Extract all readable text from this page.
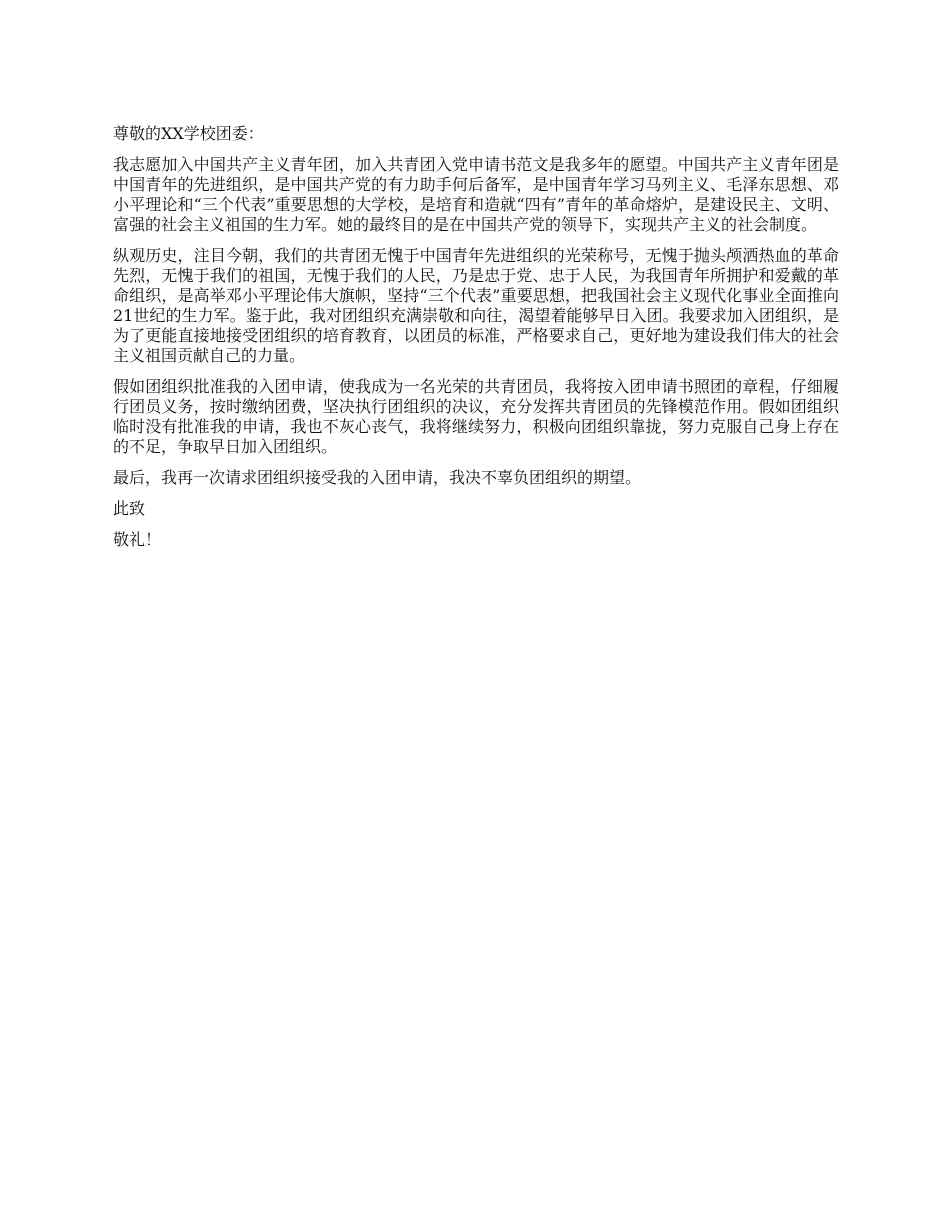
尊敬的XX学校团委：

我志愿加入中国共产主义青年团，加入共青团入党申请书范文是我多年的愿望。中国共产主义青年团是中国青年的先进组织，是中国共产党的有力助手何后备军，是中国青年学习马列主义、毛泽东思想、邓小平理论和“三个代表”重要思想的大学校，是培育和造就“四有”青年的革命熔炉，是建设民主、文明、富强的社会主义祖国的生力军。她的最终目的是在中国共产党的领导下，实现共产主义的社会制度。

纵观历史，注目今朝，我们的共青团无愧于中国青年先进组织的光荣称号，无愧于抛头颅洒热血的革命先烈，无愧于我们的祖国，无愧于我们的人民，乃是忠于党、忠于人民，为我国青年所拥护和爱戴的革命组织，是高举邓小平理论伟大旗帜，坚持“三个代表”重要思想，把我国社会主义现代化事业全面推向21世纪的生力军。鉴于此，我对团组织充满崇敬和向往，渴望着能够早日入团。我要求加入团组织，是为了更能直接地接受团组织的培育教育，以团员的标准，严格要求自己，更好地为建设我们伟大的社会主义祖国贡献自己的力量。

假如团组织批准我的入团申请，使我成为一名光荣的共青团员，我将按入团申请书照团的章程，仔细履行团员义务，按时缴纳团费，坚决执行团组织的决议，充分发挥共青团员的先锋模范作用。假如团组织临时没有批准我的申请，我也不灰心丧气，我将继续努力，积极向团组织靠拢，努力克服自己身上存在的不足，争取早日加入团组织。

最后，我再一次请求团组织接受我的入团申请，我决不辜负团组织的期望。

此致

敬礼！
